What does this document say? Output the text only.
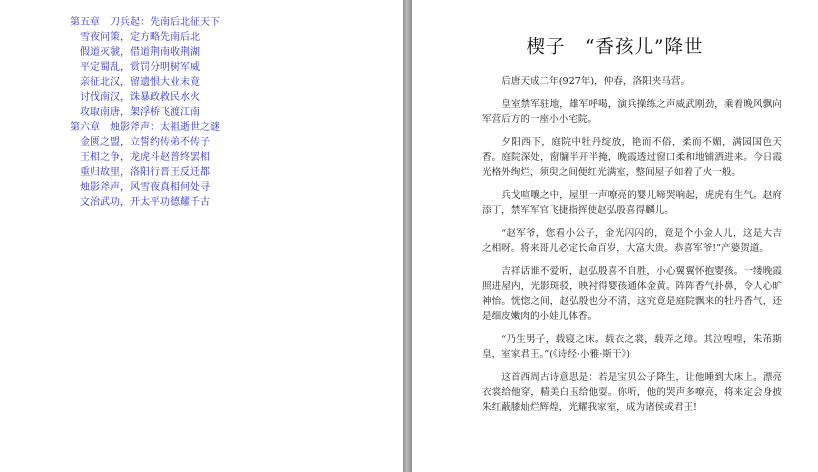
第五章　刀兵起：先南后北征天下
雪夜问策，定方略先南后北
假道灭虢，借道荆南收荆湖
平定蜀乱，赏罚分明树军威
亲征北汉，留遗恨大业未竟
讨伐南汉，诛暴政救民水火
攻取南唐，架浮桥飞渡江南
第六章　烛影斧声：太祖逝世之谜
金匮之盟，立誓约传弟不传子
王相之争，龙虎斗赵普终罢相
重归故里，洛阳行晋王反迁都
烛影斧声，风雪夜真相何处寻
文治武功，开太平功德耀千古
楔子　“香孩儿”降世

后唐天成二年(927年)，仲春，洛阳夹马营。

皇室禁军驻地，雄军呼喝，演兵操练之声威武刚劲，乘着晚风飘向军营后方的一座小小宅院。

夕阳西下，庭院中牡丹绽放，艳而不俗，柔而不媚，满园国色天香。庭院深处，窗牖半开半掩，晚霞透过窗口柔和地铺洒进来。今日霞光格外绚烂，须臾之间便红光满室，整间屋子如着了火一般。

兵戈喧嚷之中，屋里一声嘹亮的婴儿啼哭响起，虎虎有生气。赵府添丁，禁军军官飞捷指挥使赵弘殷喜得麟儿。

“赵军爷，您看小公子，金光闪闪的，竟是个小金人儿，这是大吉之相呀。将来哥儿必定长命百岁，大富大贵。恭喜军爷!”产婆贺道。

吉祥话谁不爱听，赵弘殷喜不自胜，小心翼翼怀抱婴孩。一缕晚霞照进屋内，光影斑驳，映衬得婴孩通体金黄。阵阵香气扑鼻，令人心旷神怡。恍惚之间，赵弘殷也分不清，这究竟是庭院飘来的牡丹香气，还是细皮嫩肉的小娃儿体香。

“乃生男子，载寝之床。载衣之裳，载弄之璋。其泣喤喤，朱芾斯皇，室家君王。”(《诗经·小雅·斯干》)

这首西周古诗意思是：若是宝贝公子降生，让他睡到大床上。漂亮衣裳给他穿，精美白玉给他耍。你听，他的哭声多嘹亮，将来定会身披朱红蔽膝灿烂辉煌，光耀我家室，成为诸侯或君王!
